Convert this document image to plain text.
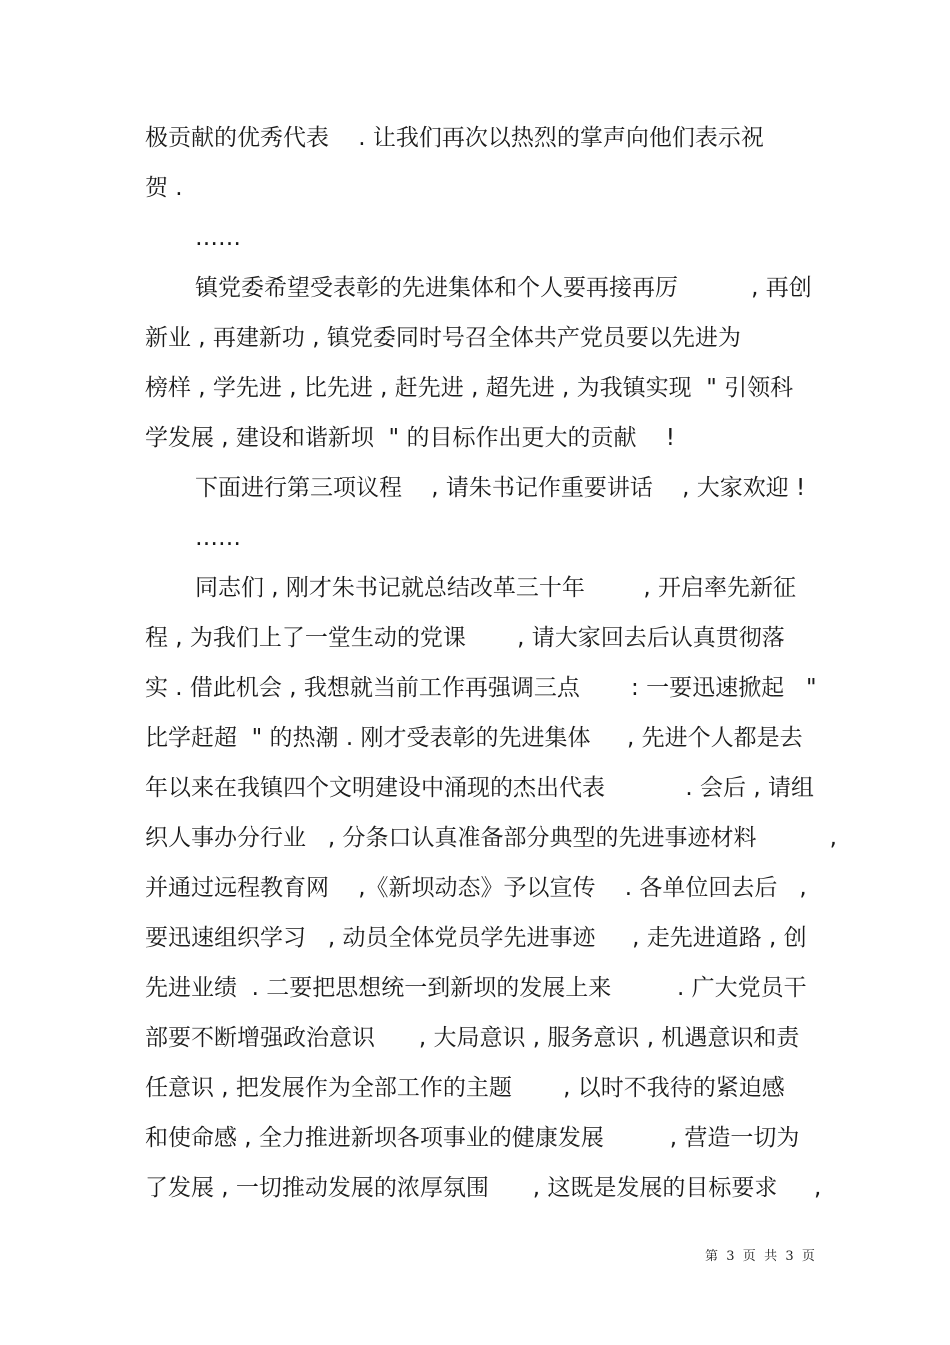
极贡献的优秀代表    . 让我们再次以热烈的掌声向他们表示祝
贺 .
……
镇党委希望受表彰的先进集体和个人要再接再厉          , 再创
新业 , 再建新功 , 镇党委同时号召全体共产党员要以先进为
榜样 , 学先进 , 比先进 , 赶先进 , 超先进 , 为我镇实现  " 引领科
学发展 , 建设和谐新坝  " 的目标作出更大的贡献    !
下面进行第三项议程    , 请朱书记作重要讲话    , 大家欢迎 !
……
同志们 , 刚才朱书记就总结改革三十年        , 开启率先新征
程 , 为我们上了一堂生动的党课       , 请大家回去后认真贯彻落
实 . 借此机会 , 我想就当前工作再强调三点       : 一要迅速掀起   "
比学赶超  " 的热潮 . 刚才受表彰的先进集体     , 先进个人都是去
年以来在我镇四个文明建设中涌现的杰出代表           . 会后 , 请组
织人事办分行业   , 分条口认真准备部分典型的先进事迹材料          ,
并通过远程教育网    ,《新坝动态》予以宣传    . 各单位回去后   ,
要迅速组织学习   , 动员全体党员学先进事迹     , 走先进道路 , 创
先进业绩  . 二要把思想统一到新坝的发展上来         . 广大党员干
部要不断增强政治意识      , 大局意识 , 服务意识 , 机遇意识和责
任意识 , 把发展作为全部工作的主题       , 以时不我待的紧迫感
和使命感 , 全力推进新坝各项事业的健康发展         , 营造一切为
了发展 , 一切推动发展的浓厚氛围      , 这既是发展的目标要求     ,
第  3  页  共  3  页
